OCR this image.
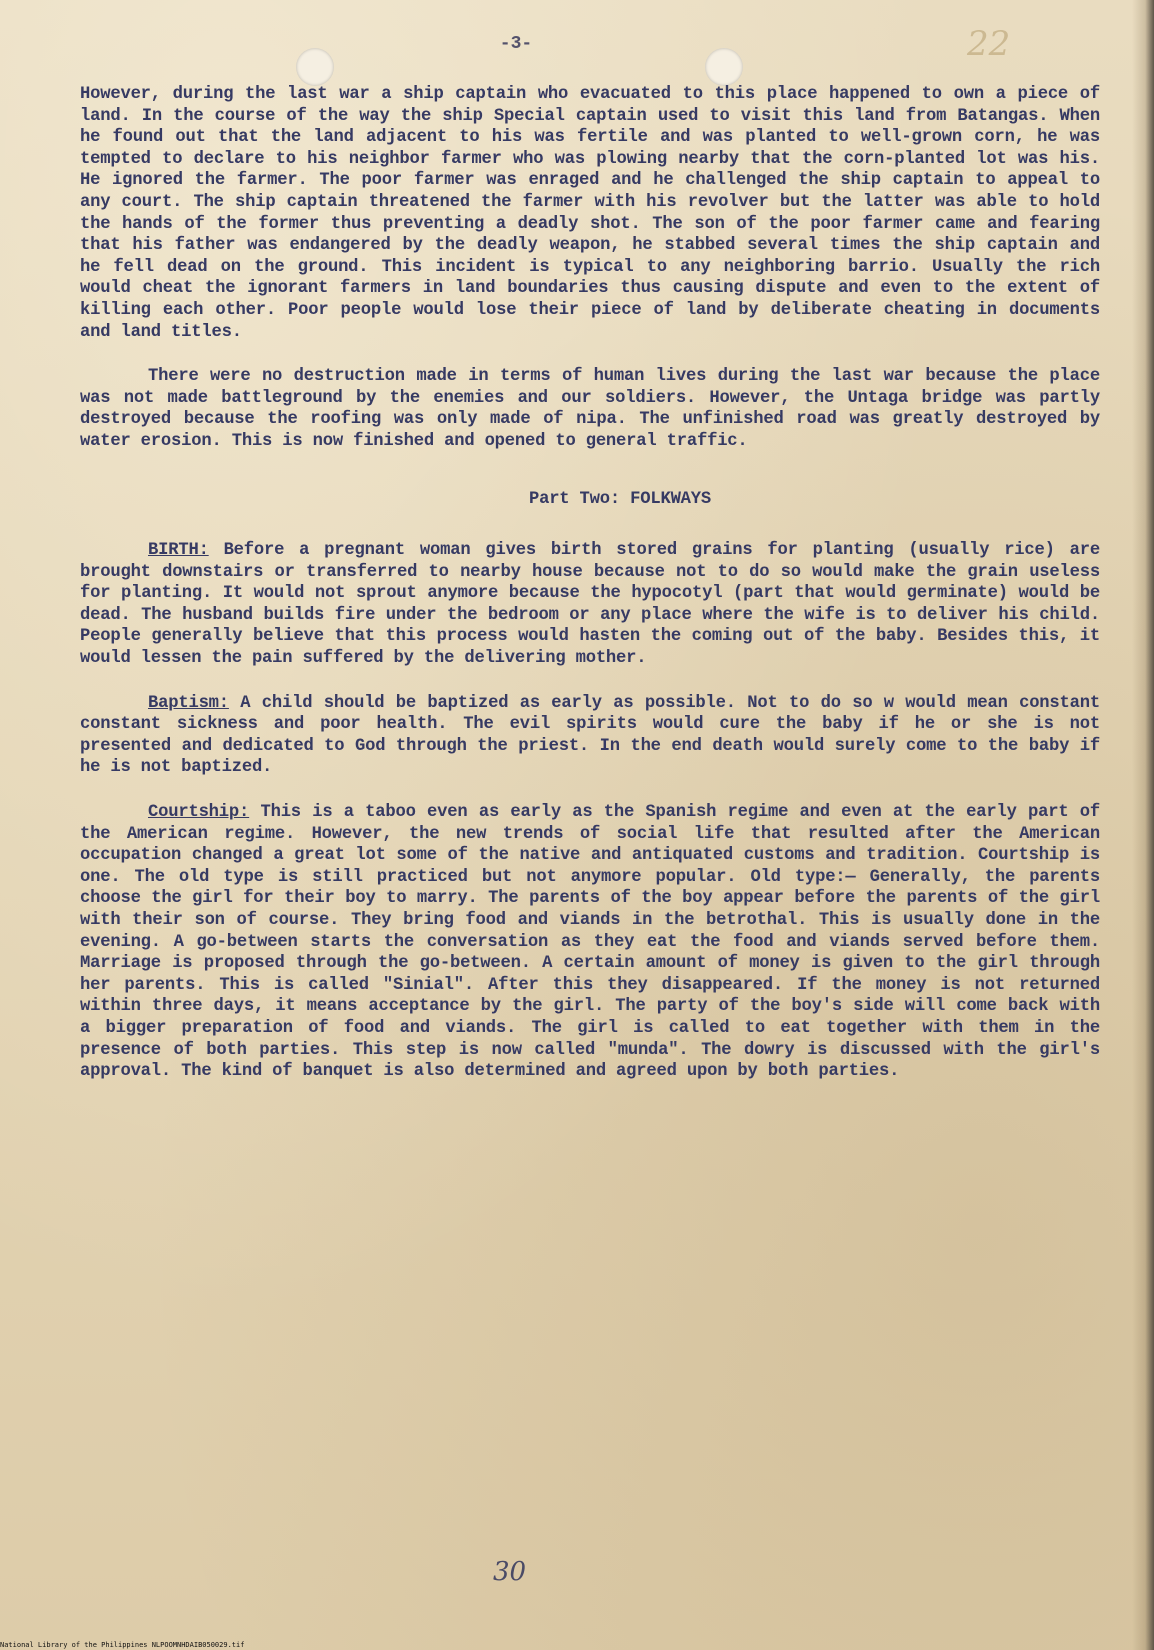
-3-	22

However, during the last war a ship captain who evacuated to this place happened to own a piece of land. In the course of the way the ship Special captain used to visit this land from Batangas. When he found out that the land adjacent to his was fertile and was planted to well-grown corn, he was tempted to declare to his neighbor farmer who was plowing nearby that the corn-planted lot was his. He ignored the farmer. The poor farmer was enraged and he challenged the ship captain to appeal to any court. The ship captain threatened the farmer with his revolver but the latter was able to hold the hands of the former thus preventing a deadly shot. The son of the poor farmer came and fearing that his father was endangered by the deadly weapon, he stabbed several times the ship captain and he fell dead on the ground. This incident is typical to any neighboring barrio. Usually the rich would cheat the ignorant farmers in land boundaries thus causing dispute and even to the extent of killing each other. Poor people would lose their piece of land by deliberate cheating in documents and land titles.

There were no destruction made in terms of human lives during the last war because the place was not made battleground by the enemies and our soldiers. However, the Untaga bridge was partly destroyed because the roofing was only made of nipa. The unfinished road was greatly destroyed by water erosion. This is now finished and opened to general traffic.

Part Two: FOLKWAYS

BIRTH: Before a pregnant woman gives birth stored grains for planting (usually rice) are brought downstairs or transferred to nearby house because not to do so would make the grain useless for planting. It would not sprout anymore because the hypocotyl (part that would germinate) would be dead. The husband builds fire under the bedroom or any place where the wife is to deliver his child. People generally believe that this process would hasten the coming out of the baby. Besides this, it would lessen the pain suffered by the delivering mother.

Baptism: A child should be baptized as early as possible. Not to do so w would mean constant constant sickness and poor health. The evil spirits would cure the baby if he or she is not presented and dedicated to God through the priest. In the end death would surely come to the baby if he is not baptized.

Courtship: This is a taboo even as early as the Spanish regime and even at the early part of the American regime. However, the new trends of social life that resulted after the American occupation changed a great lot some of the native and antiquated customs and tradition. Courtship is one. The old type is still practiced but not anymore popular. Old type:— Generally, the parents choose the girl for their boy to marry. The parents of the boy appear before the parents of the girl with their son of course. They bring food and viands in the betrothal. This is usually done in the evening. A go-between starts the conversation as they eat the food and viands served before them. Marriage is proposed through the go-between. A certain amount of money is given to the girl through her parents. This is called "Sinial". After this they disappeared. If the money is not returned within three days, it means acceptance by the girl. The party of the boy's side will come back with a bigger preparation of food and viands. The girl is called to eat together with them in the presence of both parties. This step is now called "munda". The dowry is discussed with the girl's approval. The kind of banquet is also determined and agreed upon by both parties.

30
National Library of the Philippines NLPOOMNHDAIB050029.tif
